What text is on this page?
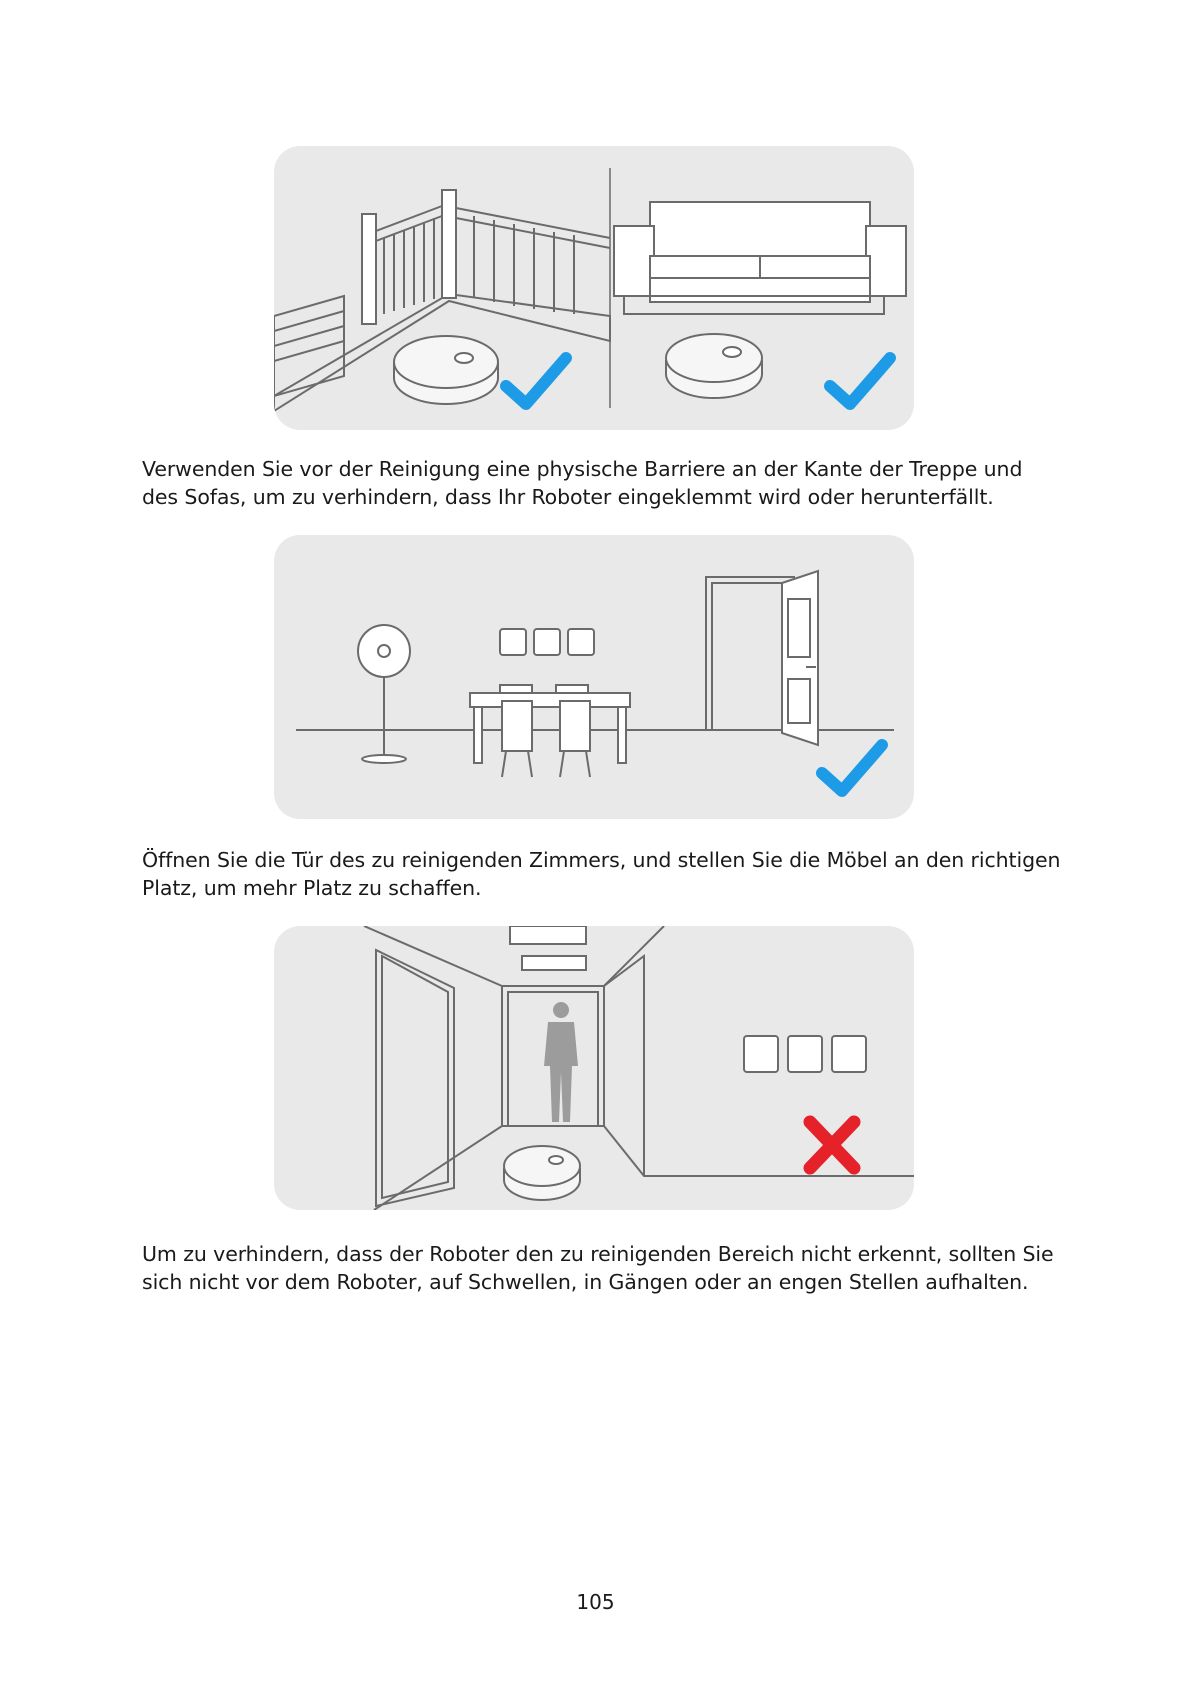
Verwenden Sie vor der Reinigung eine physische Barriere an der Kante der Treppe und des Sofas, um zu verhindern, dass Ihr Roboter eingeklemmt wird oder herunterfällt.

Öffnen Sie die Tür des zu reinigenden Zimmers, und stellen Sie die Möbel an den richtigen Platz, um mehr Platz zu schaffen.

Um zu verhindern, dass der Roboter den zu reinigenden Bereich nicht erkennt, sollten Sie sich nicht vor dem Roboter, auf Schwellen, in Gängen oder an engen Stellen aufhalten.

105
